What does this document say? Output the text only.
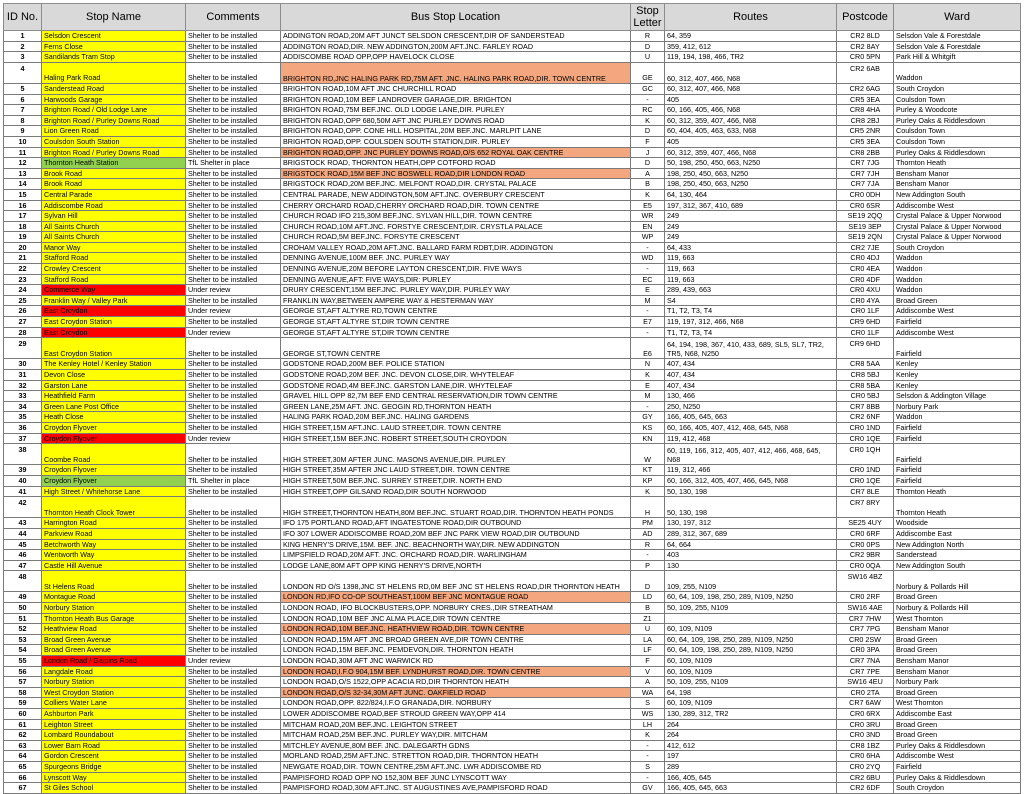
ID No.	Stop Name	Comments	Bus Stop Location	Stop Letter	Routes	Postcode	Ward
1	Selsdon Crescent	Shelter to be installed	ADDINGTON ROAD,20M AFT JUNCT SELSDON CRESCENT,DIR OF SANDERSTEAD	R	64, 359	CR2 8LD	Selsdon Vale & Forestdale
2	Ferns Close	Shelter to be installed	ADDINGTON ROAD,DIR. NEW ADDINGTON,200M AFT.JNC. FARLEY ROAD	D	359, 412, 612	CR2 8AY	Selsdon Vale & Forestdale
3	Sandilands Tram Stop	Shelter to be installed	ADDISCOMBE ROAD OPP,OPP HAVELOCK CLOSE	U	119, 194, 198, 466, TR2	CR0 5PN	Park Hill & Whitgift
4	Haling Park Road	Shelter to be installed	BRIGHTON RD,JNC HALING PARK RD,75M AFT. JNC. HALING PARK ROAD,DIR. TOWN CENTRE	GE	60, 312, 407, 466, N68	CR2 6AB	Waddon
5	Sanderstead Road	Shelter to be installed	BRIGHTON ROAD,10M AFT JNC CHURCHILL ROAD	GC	60, 312, 407, 466, N68	CR2 6AG	South Croydon
6	Harwoods Garage	Shelter to be installed	BRIGHTON ROAD,10M BEF LANDROVER GARAGE,DIR. BRIGHTON	-	405	CR5 3EA	Coulsdon Town
7	Brighton Road / Old Lodge Lane	Shelter to be installed	BRIGHTON ROAD,75M BEF.JNC. OLD LODGE LANE,DIR. PURLEY	RC	60, 166, 405, 466, N68	CR8 4HA	Purley & Woodcote
8	Brighton Road / Purley Downs Road	Shelter to be installed	BRIGHTON ROAD,OPP 680,50M AFT JNC PURLEY DOWNS ROAD	K	60, 312, 359, 407, 466, N68	CR8 2BJ	Purley Oaks & Riddlesdown
9	Lion Green Road	Shelter to be installed	BRIGHTON ROAD,OPP. CONE HILL HOSPITAL,20M BEF.JNC. MARLPIT LANE	D	60, 404, 405, 463, 633, N68	CR5 2NR	Coulsdon Town
10	Coulsdon South Station	Shelter to be installed	BRIGHTON ROAD,OPP. COULSDEN SOUTH STATION,DIR. PURLEY	F	405	CR5 3EA	Coulsdon Town
11	Brighton Road / Purley Downs Road	Shelter to be installed	BRIGHTON ROAD,OPP. JNC PURLEY DOWNS ROAD,O/S 652 ROYAL OAK CENTRE	J	60, 312, 359, 407, 466, N68	CR8 2BB	Purley Oaks & Riddlesdown
12	Thornton Heath Station	TfL Shelter in place	BRIGSTOCK ROAD, THORNTON HEATH,OPP COTFORD ROAD	D	50, 198, 250, 450, 663, N250	CR7 7JG	Thornton Heath
13	Brook Road	Shelter to be installed	BRIGSTOCK ROAD,15M BEF JNC BOSWELL ROAD,DIR LONDON ROAD	A	198, 250, 450, 663, N250	CR7 7JH	Bensham Manor
14	Brook Road	Shelter to be installed	BRIGSTOCK ROAD,20M BEF.JNC. MELFONT ROAD,DIR. CRYSTAL PALACE	B	198, 250, 450, 663, N250	CR7 7JA	Bensham Manor
15	Central Parade	Shelter to be installed	CENTRAL PARADE, NEW ADDINGTON,50M AFT.JNC. OVERBURY CRESCENT	K	64, 130, 464	CR0 0DH	New Addington South
16	Addiscombe Road	Shelter to be installed	CHERRY ORCHARD ROAD,CHERRY ORCHARD ROAD,DIR. TOWN CENTRE	E5	197, 312, 367, 410, 689	CR0 6SR	Addiscombe West
17	Sylvan Hill	Shelter to be installed	CHURCH ROAD IFO 215,30M BEF.JNC. SYLVAN HILL,DIR. TOWN CENTRE	WR	249	SE19 2QQ	Crystal Palace & Upper Norwood
18	All Saints Church	Shelter to be installed	CHURCH ROAD,10M AFT.JNC. FORSTYE CRESCENT,DIR. CRYSTLA PALACE	EN	249	SE19 3EP	Crystal Palace & Upper Norwood
19	All Saints Church	Shelter to be installed	CHURCH ROAD,5M BEF.JNC. FORSYTE CRESCENT	WP	249	SE19 2QN	Crystal Palace & Upper Norwood
20	Manor Way	Shelter to be installed	CROHAM VALLEY ROAD,20M AFT.JNC. BALLARD FARM RDBT,DIR. ADDINGTON	-	64, 433	CR2 7JE	South Croydon
21	Stafford Road	Shelter to be installed	DENNING AVENUE,100M BEF. JNC. PURLEY WAY	WD	119, 663	CR0 4DJ	Waddon
22	Crowley Crescent	Shelter to be installed	DENNING AVENUE,20M BEFORE LAYTON CRESCENT,DIR. FIVE WAYS	-	119, 663	CR0 4EA	Waddon
23	Stafford Road	Shelter to be installed	DENNING AVENUE,AFT: FIVE WAYS,DIR: PURLEY	EC	119, 663	CR0 4DF	Waddon
24	Commerce Way	Under review	DRURY CRESCENT,15M BEF.JNC. PURLEY WAY,DIR. PURLEY WAY	E	289, 439, 663	CR0 4XU	Waddon
25	Franklin Way / Valley Park	Shelter to be installed	FRANKLIN WAY,BETWEEN AMPERE WAY & HESTERMAN WAY	M	S4	CR0 4YA	Broad Green
26	East Croydon	Under review	GEORGE ST,AFT ALTYRE RD,TOWN CENTRE	-	T1, T2, T3, T4	CR0 1LF	Addiscombe West
27	East Croydon Station	Shelter to be installed	GEORGE ST,AFT ALTYRE ST,DIR TOWN CENTRE	E7	119, 197, 312, 466, N68	CR9 6HD	Fairfield
28	East Croydon	Under review	GEORGE ST,AFT ALTYRE ST,DIR TOWN CENTRE	-	T1, T2, T3, T4	CR0 1LF	Addiscombe West
29	East Croydon Station	Shelter to be installed	GEORGE ST,TOWN CENTRE	E6	64, 194, 198, 367, 410, 433, 689, SL5, SL7, TR2, TR5, N68, N250	CR9 6HD	Fairfield
30	The Kenley Hotel / Kenley Station	Shelter to be installed	GODSTONE ROAD,200M BEF. POLICE STATION	N	407, 434	CR8 5AA	Kenley
31	Devon Close	Shelter to be installed	GODSTONE ROAD,20M BEF. JNC. DEVON CLOSE,DIR. WHYTELEAF	K	407, 434	CR8 5BJ	Kenley
32	Garston Lane	Shelter to be installed	GODSTONE ROAD,4M BEF.JNC. GARSTON LANE,DIR. WHYTELEAF	E	407, 434	CR8 5BA	Kenley
33	Heathfield Farm	Shelter to be installed	GRAVEL HILL OPP 82,7M BEF END CENTRAL RESERVATION,DIR TOWN CENTRE	M	130, 466	CR0 5BJ	Selsdon & Addington Village
34	Green Lane Post Office	Shelter to be installed	GREEN LANE,25M AFT. JNC. GEOGIN RD,THORNTON HEATH	-	250, N250	CR7 8BB	Norbury Park
35	Heath Close	Shelter to be installed	HALING PARK ROAD,20M BEF.JNC. HALING GARDENS	GY	166, 405, 645, 663	CR2 6NF	Waddon
36	Croydon Flyover	Shelter to be installed	HIGH STREET,15M AFT.JNC. LAUD STREET,DIR. TOWN CENTRE	KS	60, 166, 405, 407, 412, 468, 645, N68	CR0 1ND	Fairfield
37	Croydon Flyover	Under review	HIGH STREET,15M BEF.JNC. ROBERT STREET,SOUTH CROYDON	KN	119, 412, 468	CR0 1QE	Fairfield
38	Coombe Road	Shelter to be installed	HIGH STREET,30M AFTER JUNC. MASONS AVENUE,DIR. PURLEY	W	60, 119, 166, 312, 405, 407, 412, 466, 468, 645, N68	CR0 1QH	Fairfield
39	Croydon Flyover	Shelter to be installed	HIGH STREET,35M AFTER JNC LAUD STREET,DIR. TOWN CENTRE	KT	119, 312, 466	CR0 1ND	Fairfield
40	Croydon Flyover	TfL Shelter in place	HIGH STREET,50M BEF.JNC. SURREY STREET,DIR. NORTH END	KP	60, 166, 312, 405, 407, 466, 645, N68	CR0 1QE	Fairfield
41	High Street / Whitehorse Lane	Shelter to be installed	HIGH STREET,OPP GILSAND ROAD,DIR SOUTH NORWOOD	K	50, 130, 198	CR7 8LE	Thornton Heath
42	Thornton Heath Clock Tower	Shelter to be installed	HIGH STREET,THORNTON HEATH,80M BEF.JNC. STUART ROAD,DIR. THORNTON HEATH PONDS	H	50, 130, 198	CR7 8RY	Thornton Heath
43	Harrington Road	Shelter to be installed	IFO 175 PORTLAND ROAD,AFT INGATESTONE ROAD,DIR OUTBOUND	PM	130, 197, 312	SE25 4UY	Woodside
44	Parkview Road	Shelter to be installed	IFO 307 LOWER ADDISCOMBE ROAD,20M BEF JNC PARK VIEW ROAD,DIR OUTBOUND	AD	289, 312, 367, 689	CR0 6RF	Addiscombe East
45	Betchworth Way	Shelter to be installed	KING HENRY'S DRIVE,15M. BEF. JNC. BEACHNORTH WAY,DIR. NEW ADDINGTON	R	64, 664	CR0 0PS	New Addington North
46	Wentworth Way	Shelter to be installed	LIMPSFIELD ROAD,20M AFT. JNC. ORCHARD ROAD,DIR. WARLINGHAM	-	403	CR2 9BR	Sanderstead
47	Castle Hill Avenue	Shelter to be installed	LODGE LANE,80M AFT OPP KING HENRY'S DRIVE,NORTH	P	130	CR0 0QA	New Addington South
48	St Helens Road	Shelter to be installed	LONDON RD O/S 1398,JNC ST HELENS RD,0M BEF JNC ST HELENS ROAD,DIR THORNTON HEATH	D	109, 255, N109	SW16 4BZ	Norbury & Pollards Hill
49	Montague Road	Shelter to be installed	LONDON RD,IFO CO-OP SOUTHEAST,100M BEF JNC MONTAGUE ROAD	LD	60, 64, 109, 198, 250, 289, N109, N250	CR0 2RF	Broad Green
50	Norbury Station	Shelter to be installed	LONDON ROAD, IFO BLOCKBUSTERS,OPP. NORBURY CRES.,DIR STREATHAM	B	50, 109, 255, N109	SW16 4AE	Norbury & Pollards Hill
51	Thornton Heath Bus Garage	Shelter to be installed	LONDON ROAD,10M BEF JNC ALMA PLACE,DIR TOWN CENTRE	Z1		CR7 7HW	West Thornton
52	Heathview Road	Shelter to be installed	LONDON ROAD,10M BEF.JNC. HEATHVIEW ROAD,DIR. TOWN CENTRE	U	60, 109, N109	CR7 7PG	Bensham Manor
53	Broad Green Avenue	Shelter to be installed	LONDON ROAD,15M AFT JNC BROAD GREEN AVE,DIR TOWN CENTRE	LA	60, 64, 109, 198, 250, 289, N109, N250	CR0 2SW	Broad Green
54	Broad Green Avenue	Shelter to be installed	LONDON ROAD,15M BEF.JNC. PEMDEVON,DIR. THORNTON HEATH	LF	60, 64, 109, 198, 250, 289, N109, N250	CR0 3PA	Broad Green
55	London Road / Galpins Road	Under review	LONDON ROAD,30M AFT JNC WARWICK RD	F	60, 109, N109	CR7 7NA	Bensham Manor
56	Langdale Road	Shelter to be installed	LONDON ROAD,I.F.O 904,15M BEF. LYNDHURST ROAD,DIR. TOWN CENTRE	V	60, 109, N109	CR7 7PE	Bensham Manor
57	Norbury Station	Shelter to be installed	LONDON ROAD,O/S 1522,OPP ACACIA RD,DIR THORNTON HEATH	A	50, 109, 255, N109	SW16 4EU	Norbury Park
58	West Croydon Station	Shelter to be installed	LONDON ROAD,O/S 32-34,30M AFT JUNC. OAKFIELD ROAD	WA	64, 198	CR0 2TA	Broad Green
59	Colliers Water Lane	Shelter to be installed	LONDON ROAD,OPP. 822/824,I.F.O GRANADA,DIR. NORBURY	S	60, 109, N109	CR7 6AW	West Thornton
60	Ashburton Park	Shelter to be installed	LOWER ADDISCOMBE ROAD,BEF STROUD GREEN WAY,OPP 414	WS	130, 289, 312, TR2	CR0 6RX	Addiscombe East
61	Leighton Street	Shelter to be installed	MITCHAM ROAD,20M BEF.JNC. LEIGHTON STREET	LH	264	CR0 3RU	Broad Green
62	Lombard Roundabout	Shelter to be installed	MITCHAM ROAD,25M BEF.JNC. PURLEY WAY,DIR. MITCHAM	K	264	CR0 3ND	Broad Green
63	Lower Barn Road	Shelter to be installed	MITCHLEY AVENUE,80M BEF. JNC. DALEGARTH GDNS	-	412, 612	CR8 1BZ	Purley Oaks & Riddlesdown
64	Gordon Crescent	Shelter to be installed	MORLAND ROAD,25M AFT.JNC. STRETTON ROAD,DIR. THORNTON HEATH	-	197	CR0 6HA	Addiscombe West
65	Spurgeons Bridge	Shelter to be installed	NEWGATE ROAD,DIR. TOWN CENTRE,25M AFT.JNC. LWR ADDISCOMBE RD	S	289	CR0 2YQ	Fairfield
66	Lynscott Way	Shelter to be installed	PAMPISFORD ROAD OPP NO 152,30M BEF JUNC LYNSCOTT WAY	-	166, 405, 645	CR2 6BU	Purley Oaks & Riddlesdown
67	St Giles School	Shelter to be installed	PAMPISFORD ROAD,30M AFT.JNC. ST AUGUSTINES AVE,PAMPISFORD ROAD	GV	166, 405, 645, 663	CR2 6DF	South Croydon
